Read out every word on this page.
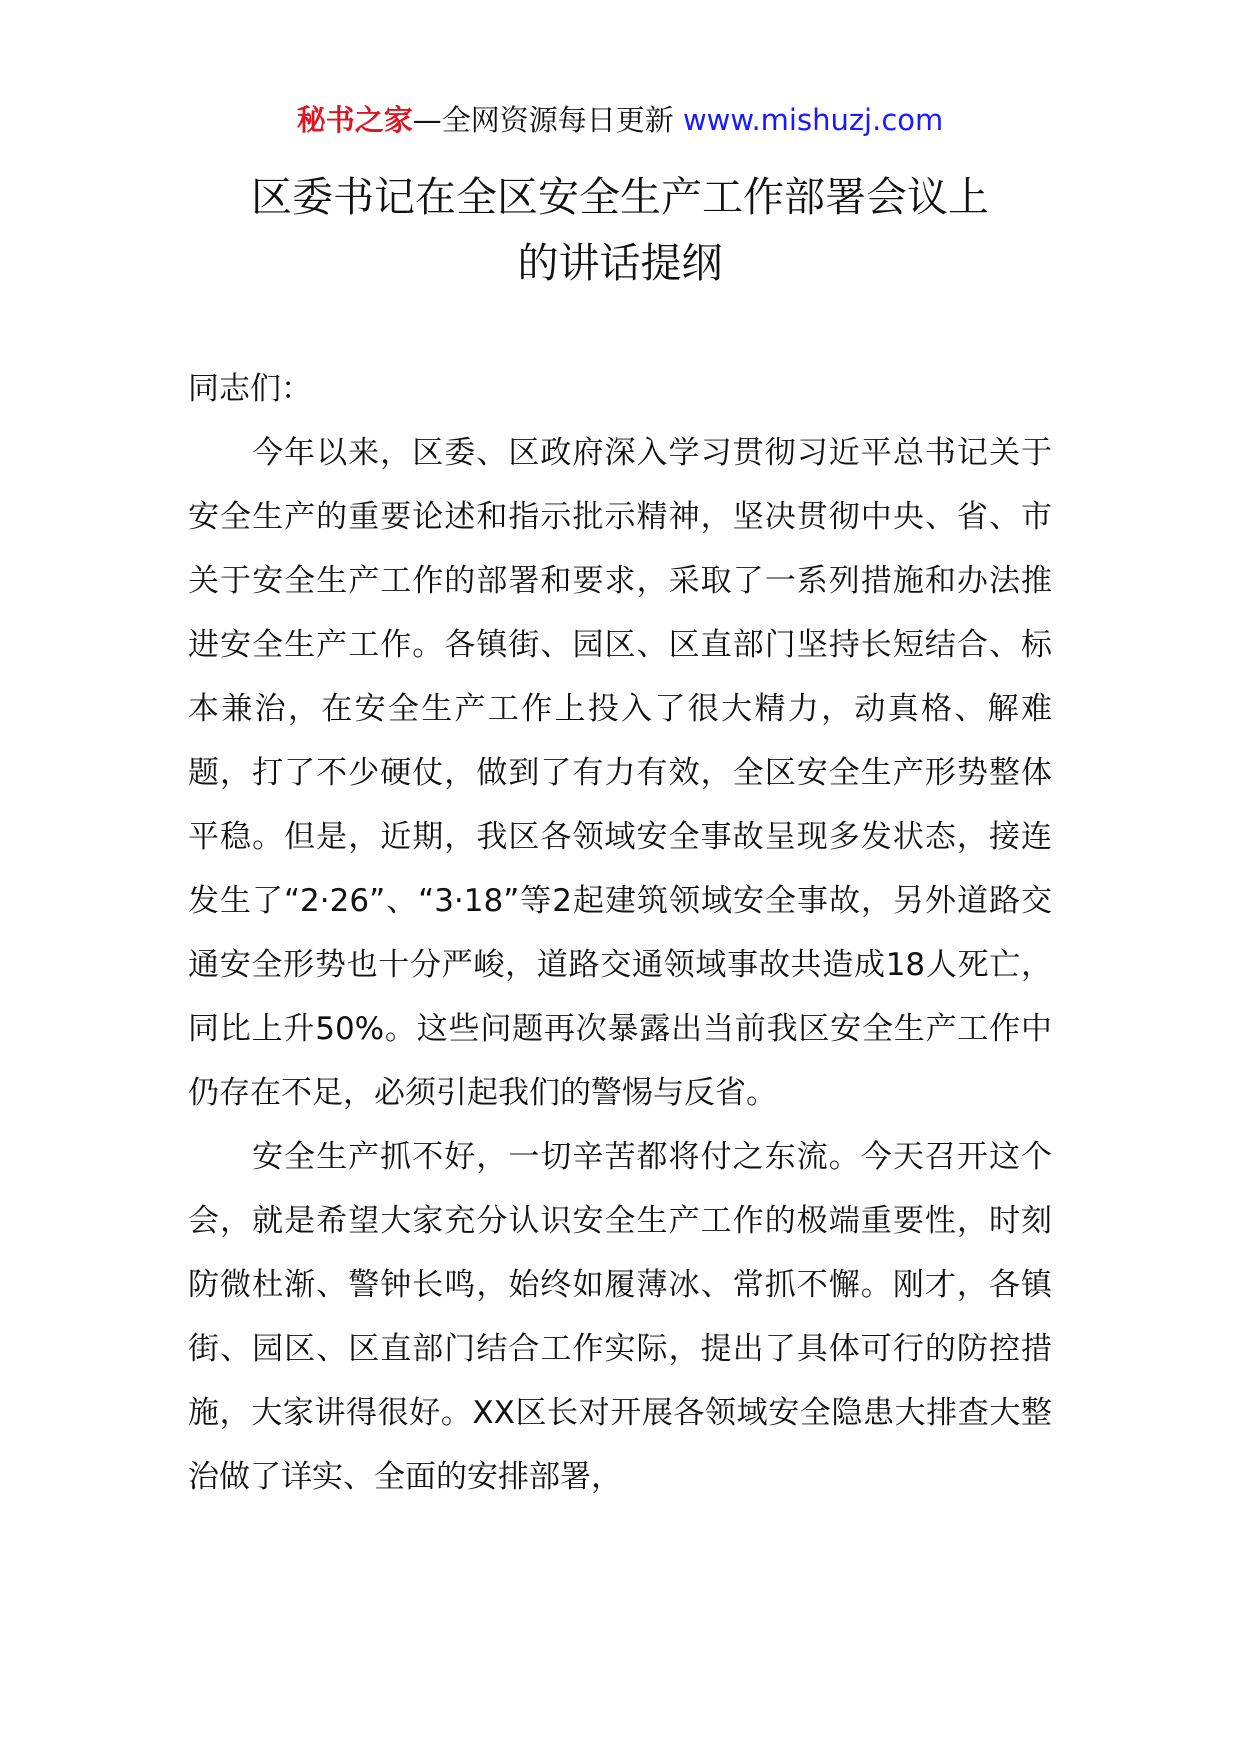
秘书之家—全网资源每日更新 www.mishuzj.com
区委书记在全区安全生产工作部署会议上
的讲话提纲

同志们：

今年以来，区委、区政府深入学习贯彻习近平总书记关于安全生产的重要论述和指示批示精神，坚决贯彻中央、省、市关于安全生产工作的部署和要求，采取了一系列措施和办法推进安全生产工作。各镇街、园区、区直部门坚持长短结合、标本兼治，在安全生产工作上投入了很大精力，动真格、解难题，打了不少硬仗，做到了有力有效，全区安全生产形势整体平稳。但是，近期，我区各领域安全事故呈现多发状态，接连发生了“2·26”、“3·18”等2起建筑领域安全事故，另外道路交通安全形势也十分严峻，道路交通领域事故共造成18人死亡，同比上升50%。这些问题再次暴露出当前我区安全生产工作中仍存在不足，必须引起我们的警惕与反省。

安全生产抓不好，一切辛苦都将付之东流。今天召开这个会，就是希望大家充分认识安全生产工作的极端重要性，时刻防微杜渐、警钟长鸣，始终如履薄冰、常抓不懈。刚才，各镇街、园区、区直部门结合工作实际，提出了具体可行的防控措施，大家讲得很好。XX区长对开展各领域安全隐患大排查大整治做了详实、全面的安排部署，
